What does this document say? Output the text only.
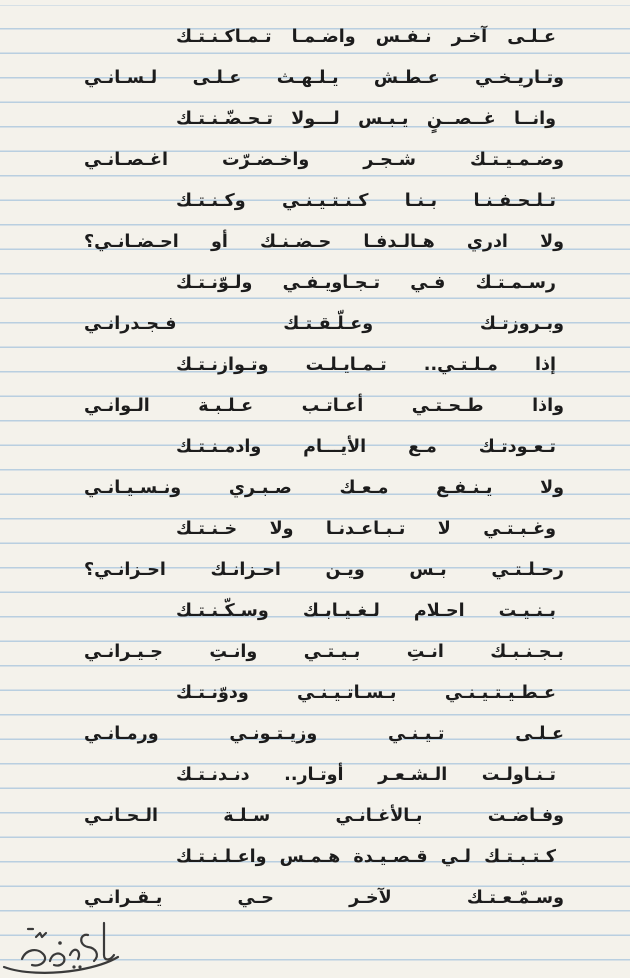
عـلـى آخـر نـفـس واضـمـا تـمـاكـنـتـك
وتـاريـخـي عـطـش يـلـهـث عـلـى لـسـانـي
وانــا غــصــنٍ يـبـس لـــولا تـحـضّـنـتـك
وضـمـيـتـك شـجـر واخـضـرّت اغـصـانـي
تـلـحـفـنـا بـنـا كـنـتـيـنـي وكـنـتـك
ولا ادري هـالـدفـا حـضـنـك أو احـضـانـي؟
رسـمـتـك فـي تـجـاويـفـي ولـوّنـتـك
وبـروزتـك وعـلّـقـتـك فـجـدرانـي
إذا مـلـتـي.. تـمـايـلـت وتـوازنـتـك
واذا طـحـتـي أعـاتـب عـلـبـة الـوانـي
تـعـودتـك مـع الأيـــام وادمـنـتـك
ولا يـنـفـع مـعـك صـبـري ونـسـيـانـي
وغـبـتـي لا تـبـاعـدنـا ولا خـنـتـك
رحـلـتـي بـس ويـن احـزانـك احـزانـي؟
بـنـيـت احـلام لـغـيـابـك وسـكّـنـتـك
بـجـنـبـك انـتِ بـيـتـي وانـتِ جـيـرانـي
عـطـيـتـيـنـي بـسـاتـيـنـي ودوّنـتـك
عـلـى تـيـنـي وزيـتـونـي ورمـانـي
تـنـاولـت الـشـعـر أوتـار.. دنـدنـتـك
وفـاضـت بـالأغـانـي سـلـة الـحـانـي
كـتـبـتـك لـي قـصـيـدة هـمـس واعـلـنـتـك
وسـمّـعـتـك لآخـر حـي يـقـرانـي
